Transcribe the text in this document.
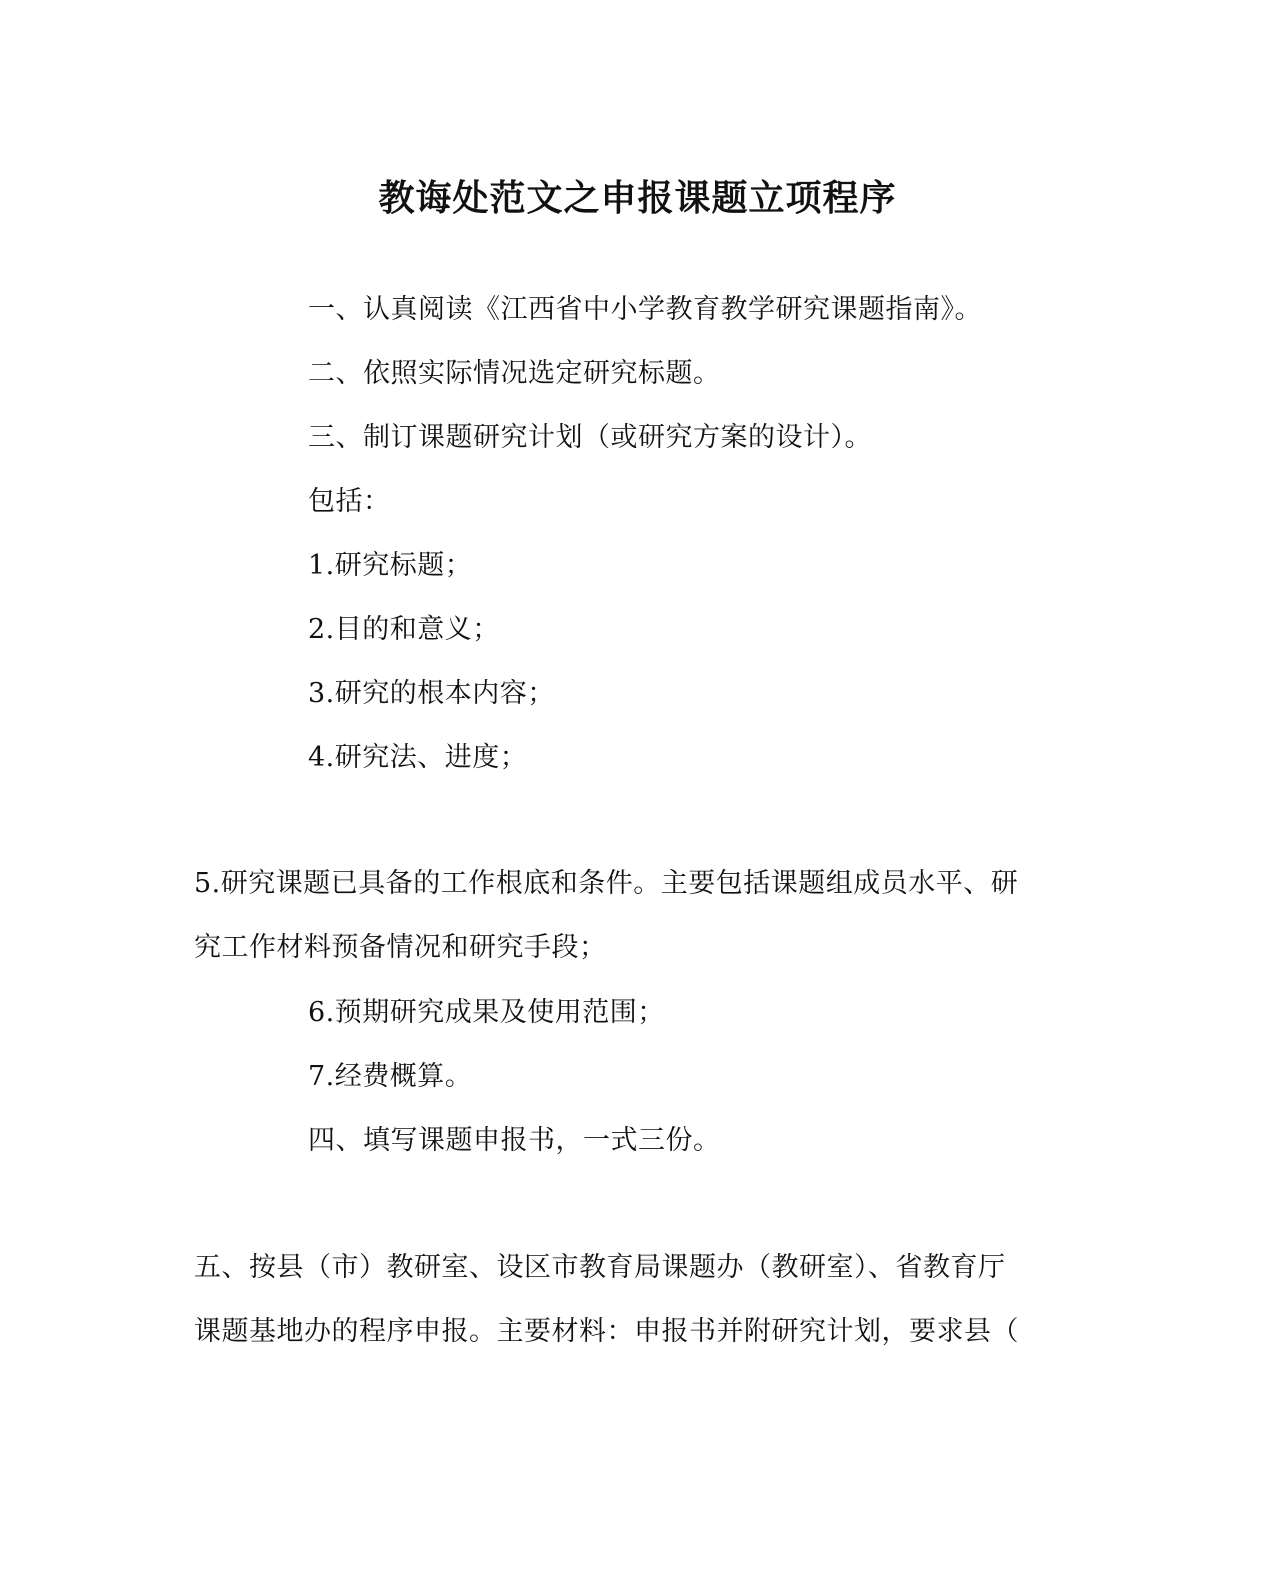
教诲处范文之申报课题立项程序
一、认真阅读《江西省中小学教育教学研究课题指南》。
二、依照实际情况选定研究标题。
三、制订课题研究计划（或研究方案的设计）。
包括：
1.研究标题；
2.目的和意义；
3.研究的根本内容；
4.研究法、进度；
5.研究课题已具备的工作根底和条件。主要包括课题组成员水平、研
究工作材料预备情况和研究手段；
6.预期研究成果及使用范围；
7.经费概算。
四、填写课题申报书，一式三份。
五、按县（市）教研室、设区市教育局课题办（教研室）、省教育厅
课题基地办的程序申报。主要材料：申报书并附研究计划，要求县（
